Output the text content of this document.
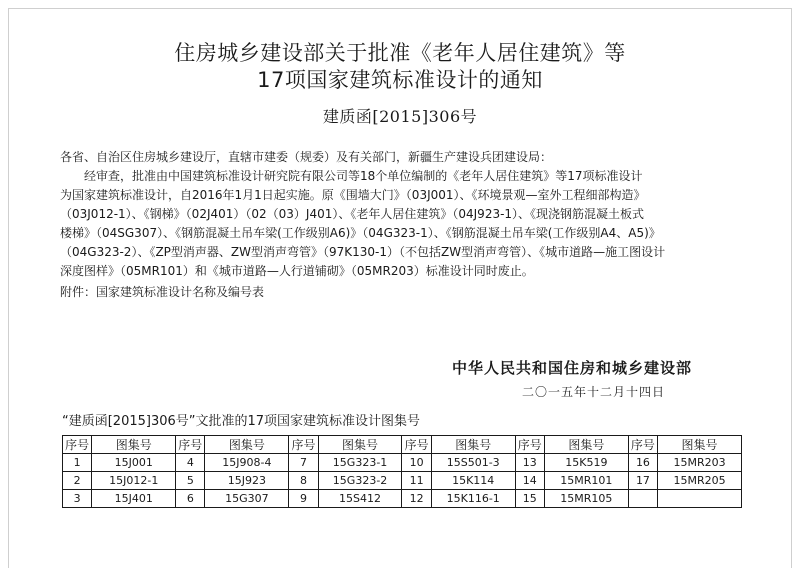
住房城乡建设部关于批准《老年人居住建筑》等
17项国家建筑标准设计的通知
建质函[2015]306号
各省、自治区住房城乡建设厅，直辖市建委（规委）及有关部门，新疆生产建设兵团建设局：
经审查，批准由中国建筑标准设计研究院有限公司等18个单位编制的《老年人居住建筑》等17项标准设计
为国家建筑标准设计，自2016年1月1日起实施。原《围墙大门》（03J001）、《环境景观—室外工程细部构造》
（03J012-1）、《钢梯》（02J401）（02（03）J401）、《老年人居住建筑》（04J923-1）、《现浇钢筋混凝土板式
楼梯》（04SG307）、《钢筋混凝土吊车梁(工作级别A6)》（04G323-1）、《钢筋混凝土吊车梁(工作级别A4、A5)》
（04G323-2）、《ZP型消声器、ZW型消声弯管》（97K130-1）（不包括ZW型消声弯管）、《城市道路—施工图设计
深度图样》（05MR101）和《城市道路—人行道铺砌》（05MR203）标准设计同时废止。
附件：国家建筑标准设计名称及编号表
中华人民共和国住房和城乡建设部
二〇一五年十二月十四日
“建质函[2015]306号”文批准的17项国家建筑标准设计图集号
序号	图集号	序号	图集号	序号	图集号	序号	图集号	序号	图集号	序号	图集号
1	15J001	4	15J908-4	7	15G323-1	10	15S501-3	13	15K519	16	15MR203
2	15J012-1	5	15J923	8	15G323-2	11	15K114	14	15MR101	17	15MR205
3	15J401	6	15G307	9	15S412	12	15K116-1	15	15MR105		
